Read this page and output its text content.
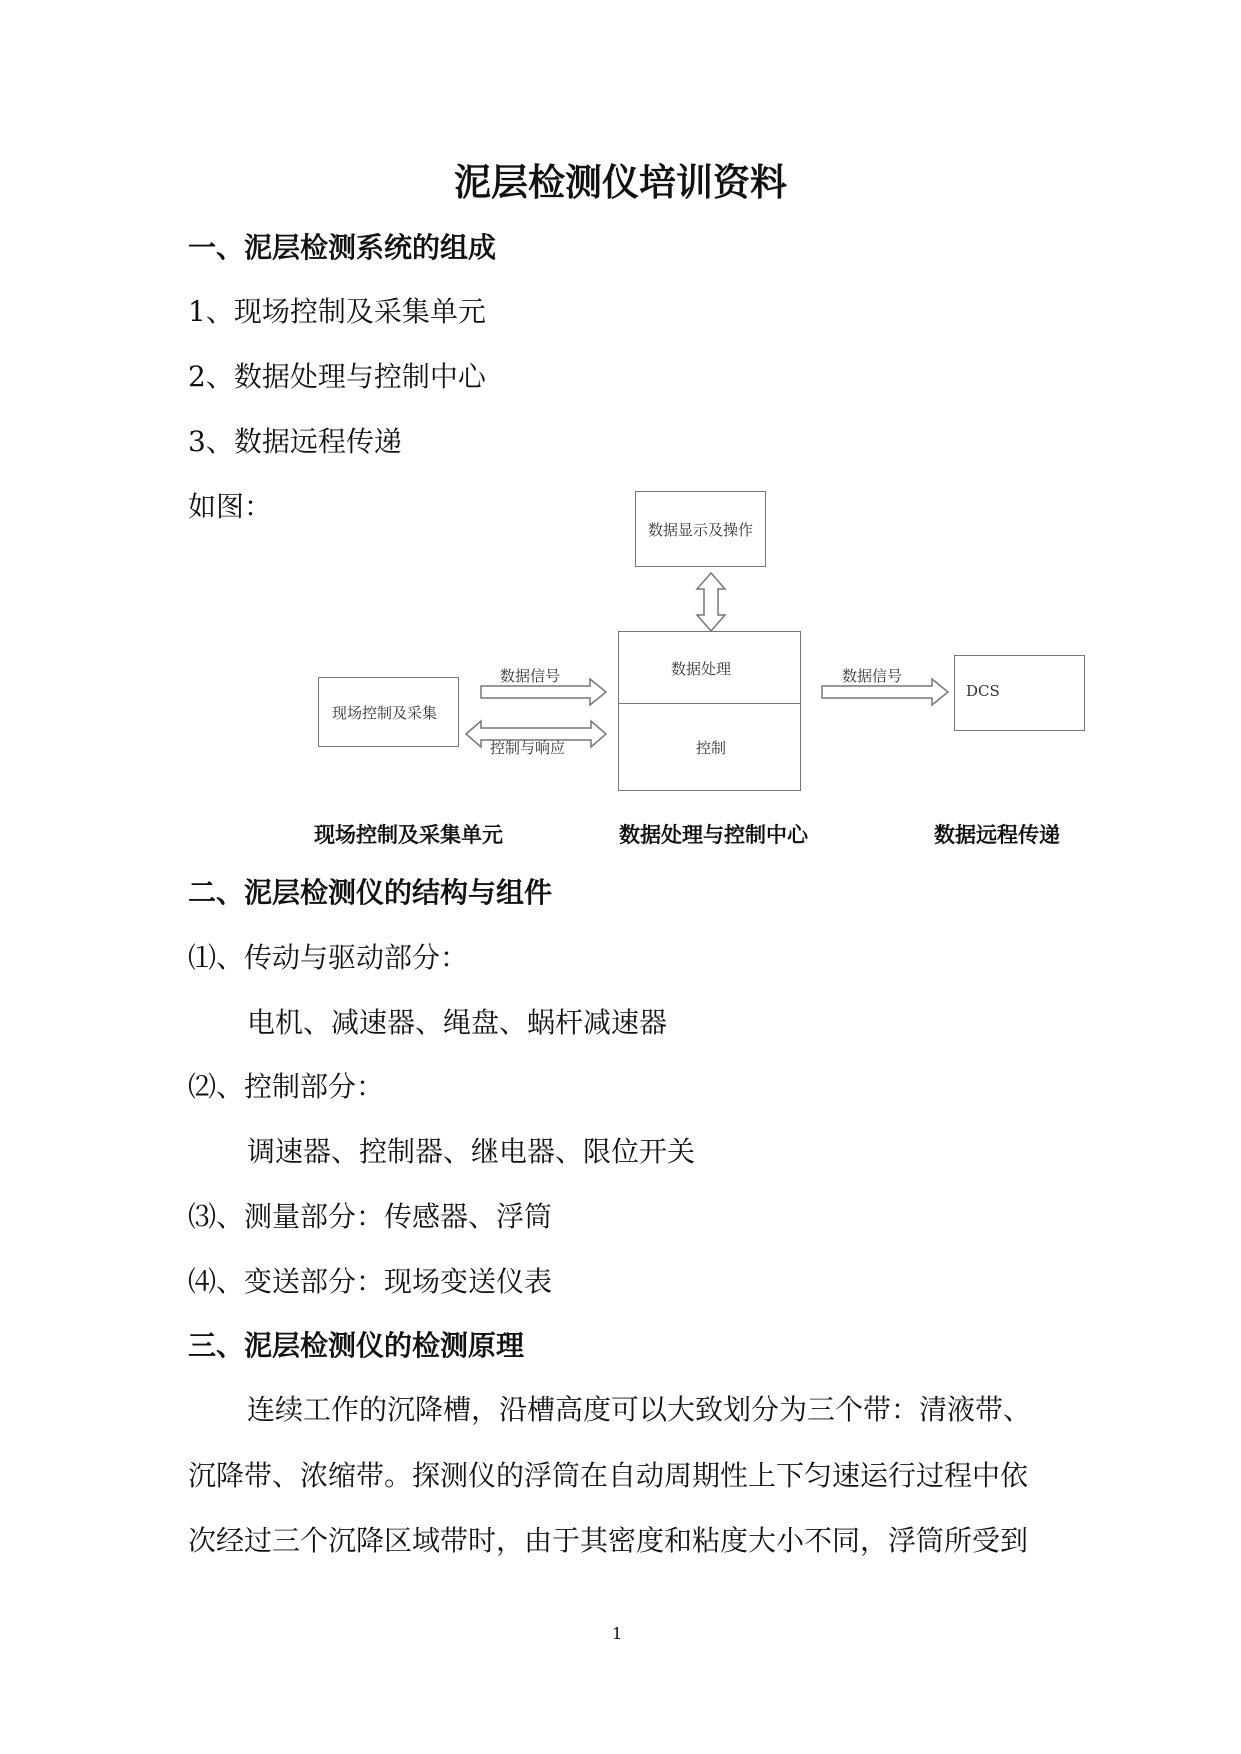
泥层检测仪培训资料
一、泥层检测系统的组成
1、现场控制及采集单元
2、数据处理与控制中心
3、数据远程传递
如图：
数据显示及操作
现场控制及采集
数据处理
控制
DCS
数据信号
控制与响应
数据信号
现场控制及采集单元	数据处理与控制中心	数据远程传递
二、泥层检测仪的结构与组件
⑴、传动与驱动部分：
电机、减速器、绳盘、蜗杆减速器
⑵、控制部分：
调速器、控制器、继电器、限位开关
⑶、测量部分：传感器、浮筒
⑷、变送部分：现场变送仪表
三、泥层检测仪的检测原理
连续工作的沉降槽，沿槽高度可以大致划分为三个带：清液带、
沉降带、浓缩带。探测仪的浮筒在自动周期性上下匀速运行过程中依
次经过三个沉降区域带时，由于其密度和粘度大小不同，浮筒所受到
1
